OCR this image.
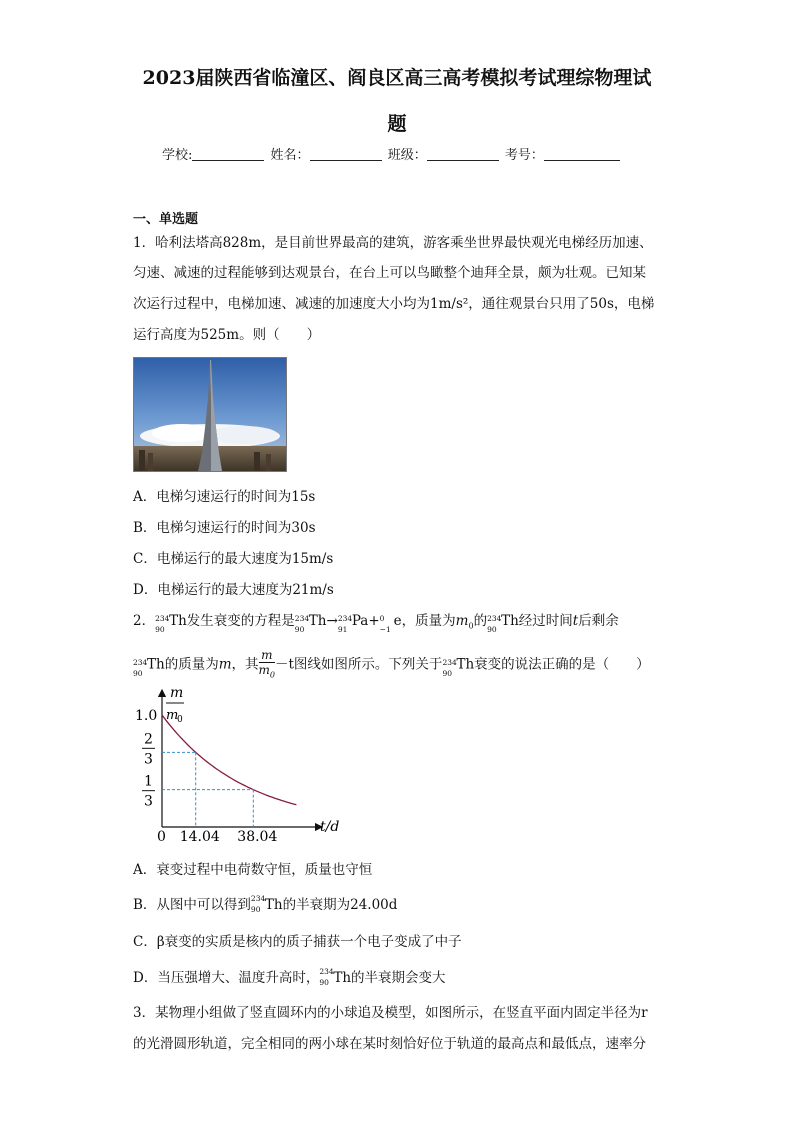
2023届陕西省临潼区、阎良区高三高考模拟考试理综物理试
题
学校:	姓名：	班级：	考号：
一、单选题
1．哈利法塔高828m，是目前世界最高的建筑，游客乘坐世界最快观光电梯经历加速、
匀速、减速的过程能够到达观景台，在台上可以鸟瞰整个迪拜全景，颇为壮观。已知某
次运行过程中，电梯加速、减速的加速度大小均为1m/s²，通往观景台只用了50s，电梯
运行高度为525m。则（　　）
A．电梯匀速运行的时间为15s
B．电梯匀速运行的时间为30s
C．电梯运行的最大速度为15m/s
D．电梯运行的最大速度为21m/s
2． 234
90
Th发生衰变的方程是 234
90
Th→ 234
91
Pa+ 0
−1
e，质量为$m_0$的 234
90
Th经过时间t后剩余
234
90
Th的质量为m，其 $\frac{m}{m_0} -t$图线如图所示。下列关于 234
90
Th衰变的说法正确的是（　　）
m
m
0
1.0
2
3
1
3
0 14.04 38.04
t/d
A．衰变过程中电荷数守恒，质量也守恒
B．从图中可以得到 234
90 Th的半衰期为24.00d
C．β衰变的实质是核内的质子捕获一个电子变成了中子
D．当压强增大、温度升高时， 234
90 Th的半衰期会变大
3．某物理小组做了竖直圆环内的小球追及模型，如图所示，在竖直平面内固定半径为r
的光滑圆形轨道，完全相同的两小球在某时刻恰好位于轨道的最高点和最低点，速率分
